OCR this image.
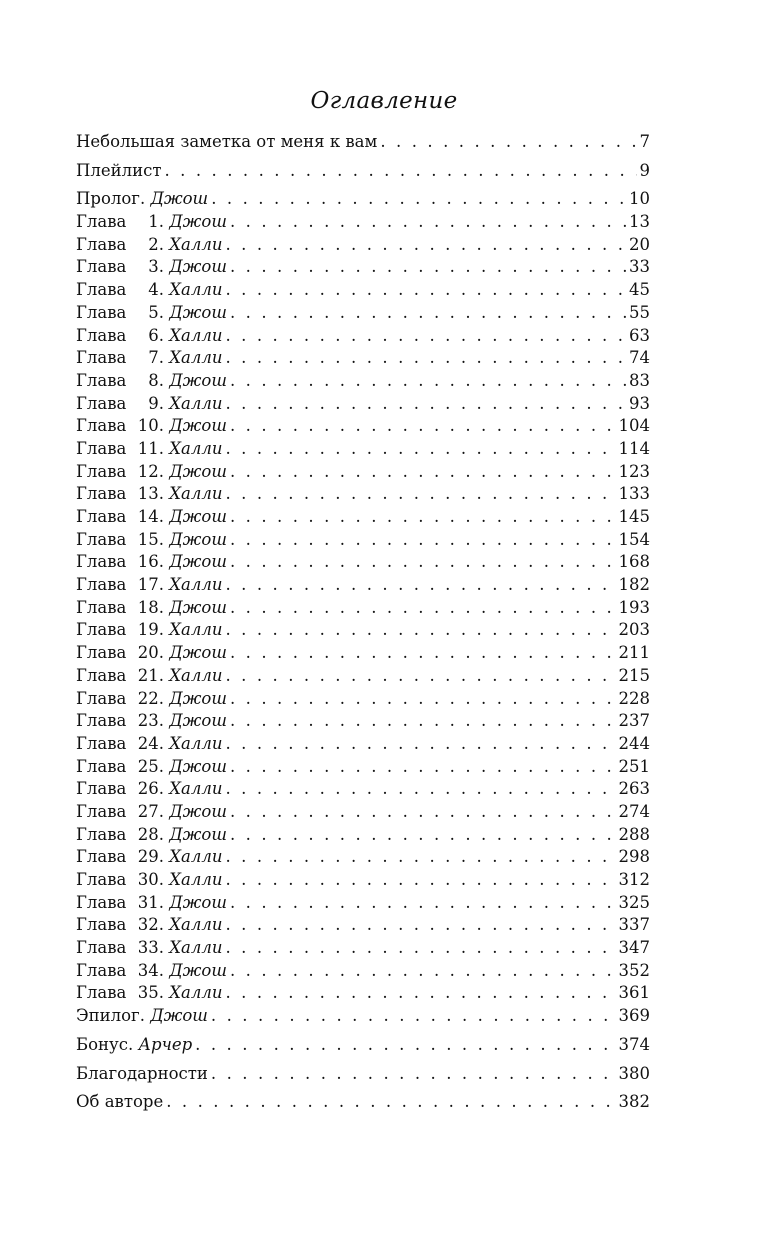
Оглавление
Небольшая заметка от меня к вам . . .	7
Плейлист . . .	9
Пролог. Джош . . .	10
Глава 1. Джош . . .	13
Глава 2. Халли . . .	20
Глава 3. Джош . . .	33
Глава 4. Халли . . .	45
Глава 5. Джош . . .	55
Глава 6. Халли . . .	63
Глава 7. Халли . . .	74
Глава 8. Джош . . .	83
Глава 9. Халли . . .	93
Глава 10. Джош . . .	104
Глава 11. Халли . . .	114
Глава 12. Джош . . .	123
Глава 13. Халли . . .	133
Глава 14. Джош . . .	145
Глава 15. Джош . . .	154
Глава 16. Джош . . .	168
Глава 17. Халли . . .	182
Глава 18. Джош . . .	193
Глава 19. Халли . . .	203
Глава 20. Джош . . .	211
Глава 21. Халли . . .	215
Глава 22. Джош . . .	228
Глава 23. Джош . . .	237
Глава 24. Халли . . .	244
Глава 25. Джош . . .	251
Глава 26. Халли . . .	263
Глава 27. Джош . . .	274
Глава 28. Джош . . .	288
Глава 29. Халли . . .	298
Глава 30. Халли . . .	312
Глава 31. Джош . . .	325
Глава 32. Халли . . .	337
Глава 33. Халли . . .	347
Глава 34. Джош . . .	352
Глава 35. Халли . . .	361
Эпилог. Джош . . .	369
Бонус. Арчер . . .	374
Благодарности . . .	380
Об авторе . . .	382
